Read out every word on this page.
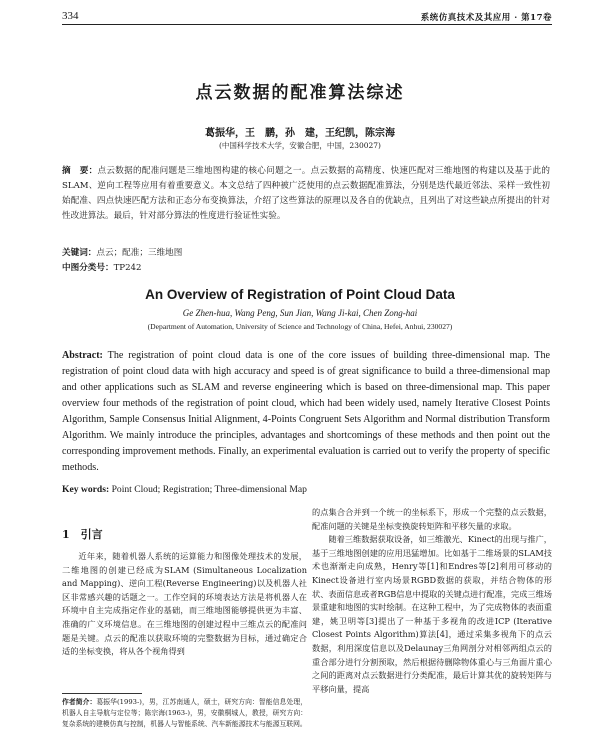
334	系统仿真技术及其应用 · 第17卷
点云数据的配准算法综述
葛振华，王　鹏，孙　建，王纪凯，陈宗海
(中国科学技术大学，安徽合肥，中国，230027)
摘　要：点云数据的配准问题是三维地图构建的核心问题之一。点云数据的高精度、快速匹配对三维地图的构建以及基于此的SLAM、逆向工程等应用有着重要意义。本文总结了四种被广泛使用的点云数据配准算法，分别是迭代最近邻法、采样一致性初始配准、四点快速匹配方法和正态分布变换算法，介绍了这些算法的原理以及各自的优缺点，且列出了对这些缺点所提出的针对性改进算法。最后，针对部分算法的性度进行验证性实验。
关键词：点云；配准；三维地图
中图分类号：TP242
An Overview of Registration of Point Cloud Data
Ge Zhen-hua, Wang Peng, Sun Jian, Wang Ji-kai, Chen Zong-hai
(Department of Automation, University of Science and Technology of China, Hefei, Anhui, 230027)
Abstract: The registration of point cloud data is one of the core issues of building three-dimensional map. The registration of point cloud data with high accuracy and speed is of great significance to build a three-dimensional map and other applications such as SLAM and reverse engineering which is based on three-dimensional map. This paper overview four methods of the registration of point cloud, which had been widely used, namely Iterative Closest Points Algorithm, Sample Consensus Initial Alignment, 4-Points Congruent Sets Algorithm and Normal distribution Transform Algorithm. We mainly introduce the principles, advantages and shortcomings of these methods and then point out the corresponding improvement methods. Finally, an experimental evaluation is carried out to verify the property of specific methods.
Key words: Point Cloud; Registration; Three-dimensional Map
1　引言

近年来，随着机器人系统的运算能力和图像处理技术的发展，二维地图的创建已经成为SLAM (Simultaneous Localization and Mapping)、逆向工程(Reverse Engineering)以及机器人社区非常感兴趣的话题之一。工作空间的环境表达方法是将机器人在环境中自主完成指定作业的基础，而三维地图能够提供更为丰富、准确的广义环境信息。在三维地图的创建过程中三维点云的配准问题是关键。点云的配准以获取环境的完整数据为目标，通过确定合适的坐标变换，将从各个视角得到

的点集合合并到一个统一的坐标系下，形成一个完整的点云数据，配准问题的关键是坐标变换旋转矩阵和平移矢量的求取。

随着三维数据获取设备，如三维激光、Kinect的出现与推广，基于三维地图创建的应用迅猛增加。比如基于二维场景的SLAM技术也渐渐走向成熟，Henry等[1]和Endres等[2]利用可移动的Kinect设备进行室内场景RGBD数据的获取，并结合物体的形状、表面信息或者RGB信息中提取的关键点进行配准，完成三维场景重建和地图的实时绘制。在这种工程中，为了完成物体的表面重建，姚卫明等[3]提出了一种基于多视角的改进ICP (Iterative Closest Points Algorithm)算法[4]，通过采集多视角下的点云数据，利用深度信息以及Delaunay三角网剖分对相邻两组点云的重合部分进行分割预取，然后根据待删除物体重心与三角面片重心之间的距离对点云数据进行分类配准，最后计算其优的旋转矩阵与平移向量，提高

作者简介：葛振华(1993-)，男，江苏南通人，硕士，研究方向：智能信息处理，机器人自主导航与定位等；陈宗海(1963-)，男，安徽桐城人，教授，研究方向：复杂系统的建模仿真与控制，机器人与智能系统、汽车新能源技术与能源互联网。
